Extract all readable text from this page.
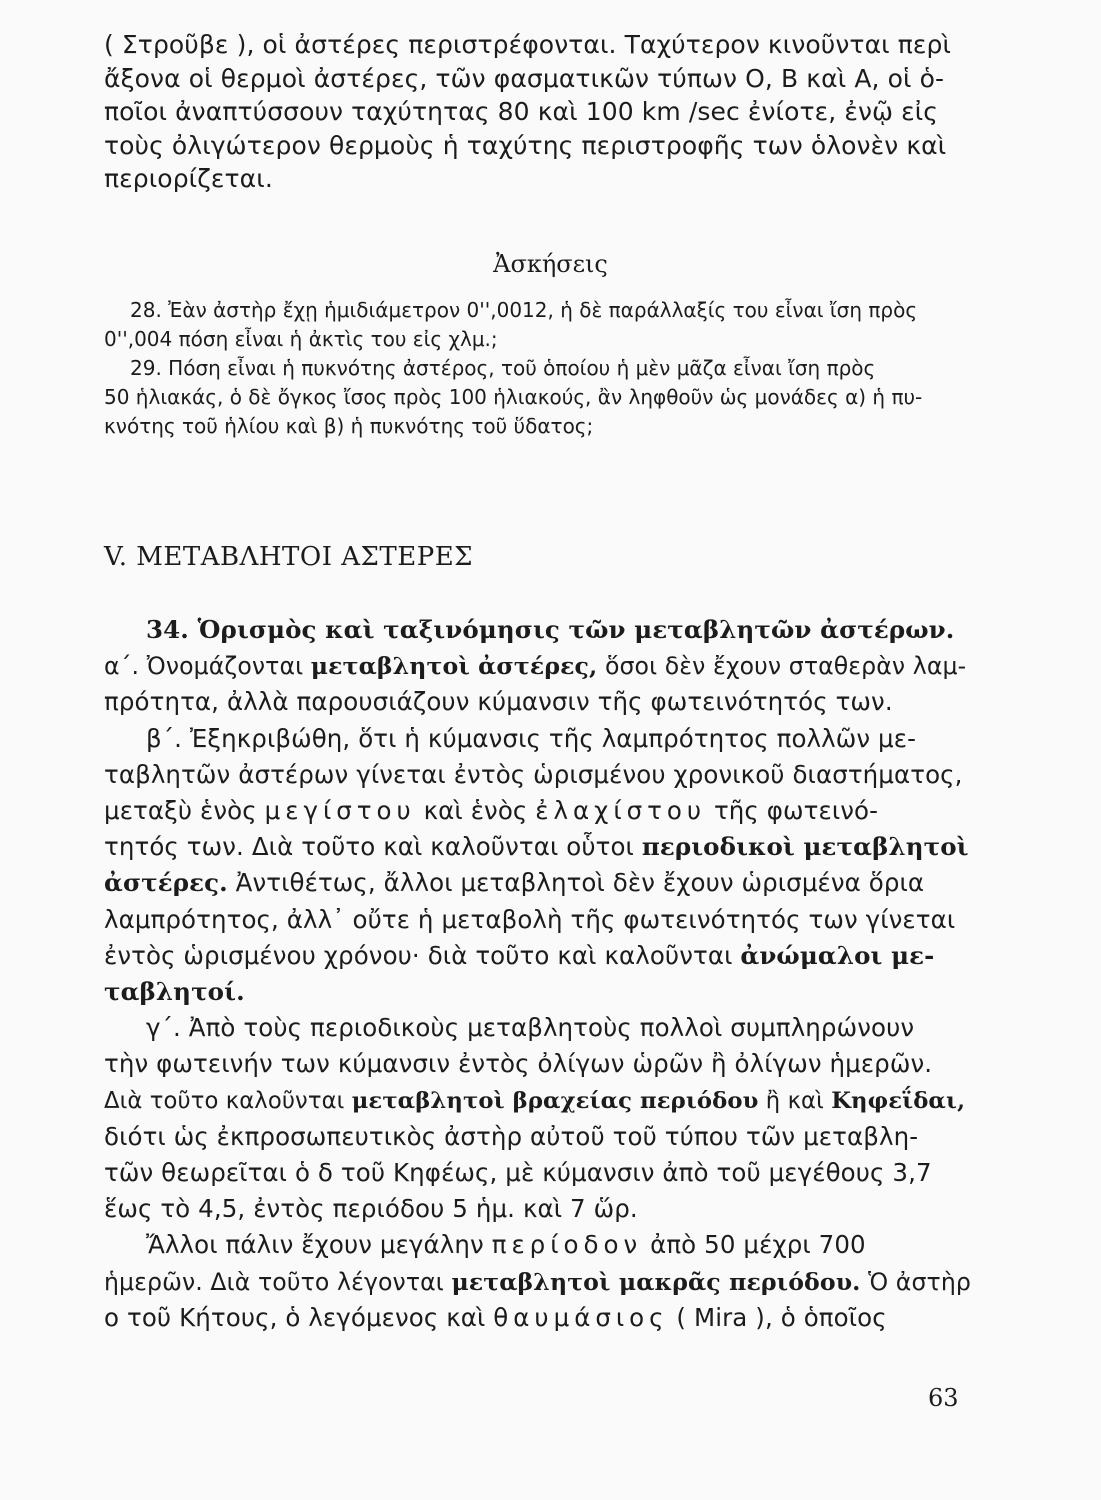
( Στροῦβε ), οἱ ἀστέρες περιστρέφονται. Ταχύτερον κινοῦνται περὶ
ἄξονα οἱ θερμοὶ ἀστέρες, τῶν φασματικῶν τύπων Ο, Β καὶ Α, οἱ ὁ-
ποῖοι ἀναπτύσσουν ταχύτητας 80 καὶ 100 km /sec ἐνίοτε, ἐνῷ εἰς
τοὺς ὀλιγώτερον θερμοὺς ἡ ταχύτης περιστροφῆς των ὁλονὲν καὶ
περιορίζεται.
Ἀσκήσεις
28. Ἐὰν ἀστὴρ ἔχῃ ἡμιδιάμετρον 0'',0012, ἡ δὲ παράλλαξίς του εἶναι ἴση πρὸς
0'',004 πόση εἶναι ἡ ἀκτὶς του εἰς χλμ.;
29. Πόση εἶναι ἡ πυκνότης ἀστέρος, τοῦ ὁποίου ἡ μὲν μᾶζα εἶναι ἴση πρὸς
50 ἡλιακάς, ὁ δὲ ὄγκος ἴσος πρὸς 100 ἡλιακούς, ἂν ληφθοῦν ὡς μονάδες α) ἡ πυ-
κνότης τοῦ ἡλίου καὶ β) ἡ πυκνότης τοῦ ὕδατος;
V. ΜΕΤΑΒΛΗΤΟΙ ΑΣΤΕΡΕΣ
34. Ὁρισμὸς καὶ ταξινόμησις τῶν μεταβλητῶν ἀστέρων.
α΄. Ὀνομάζονται μεταβλητοὶ ἀστέρες, ὅσοι δὲν ἔχουν σταθερὰν λαμ-
πρότητα, ἀλλὰ παρουσιάζουν κύμανσιν τῆς φωτεινότητός των.
β΄. Ἐξηκριβώθη, ὅτι ἡ κύμανσις τῆς λαμπρότητος πολλῶν με-
ταβλητῶν ἀστέρων γίνεται ἐντὸς ὡρισμένου χρονικοῦ διαστήματος,
μεταξὺ ἑνὸς μεγίστου καὶ ἑνὸς ἐλαχίστου τῆς φωτεινό-
τητός των. Διὰ τοῦτο καὶ καλοῦνται οὗτοι περιοδικοὶ μεταβλητοὶ
ἀστέρες. Ἀντιθέτως, ἄλλοι μεταβλητοὶ δὲν ἔχουν ὡρισμένα ὅρια
λαμπρότητος, ἀλλ᾽ οὔτε ἡ μεταβολὴ τῆς φωτεινότητός των γίνεται
ἐντὸς ὡρισμένου χρόνου· διὰ τοῦτο καὶ καλοῦνται ἀνώμαλοι με-
ταβλητοί.
γ΄. Ἀπὸ τοὺς περιοδικοὺς μεταβλητοὺς πολλοὶ συμπληρώνουν
τὴν φωτεινήν των κύμανσιν ἐντὸς ὀλίγων ὡρῶν ἢ ὀλίγων ἡμερῶν.
Διὰ τοῦτο καλοῦνται μεταβλητοὶ βραχείας περιόδου ἢ καὶ Κηφεΐδαι,
διότι ὡς ἐκπροσωπευτικὸς ἀστὴρ αὐτοῦ τοῦ τύπου τῶν μεταβλη-
τῶν θεωρεῖται ὁ δ τοῦ Κηφέως, μὲ κύμανσιν ἀπὸ τοῦ μεγέθους 3,7
ἕως τὸ 4,5, ἐντὸς περιόδου 5 ἡμ. καὶ 7 ὥρ.
Ἄλλοι πάλιν ἔχουν μεγάλην περίοδον ἀπὸ 50 μέχρι 700
ἡμερῶν. Διὰ τοῦτο λέγονται μεταβλητοὶ μακρᾶς περιόδου. Ὁ ἀστὴρ
ο τοῦ Κήτους, ὁ λεγόμενος καὶ θαυμάσιος ( Mira ), ὁ ὁποῖος
63
